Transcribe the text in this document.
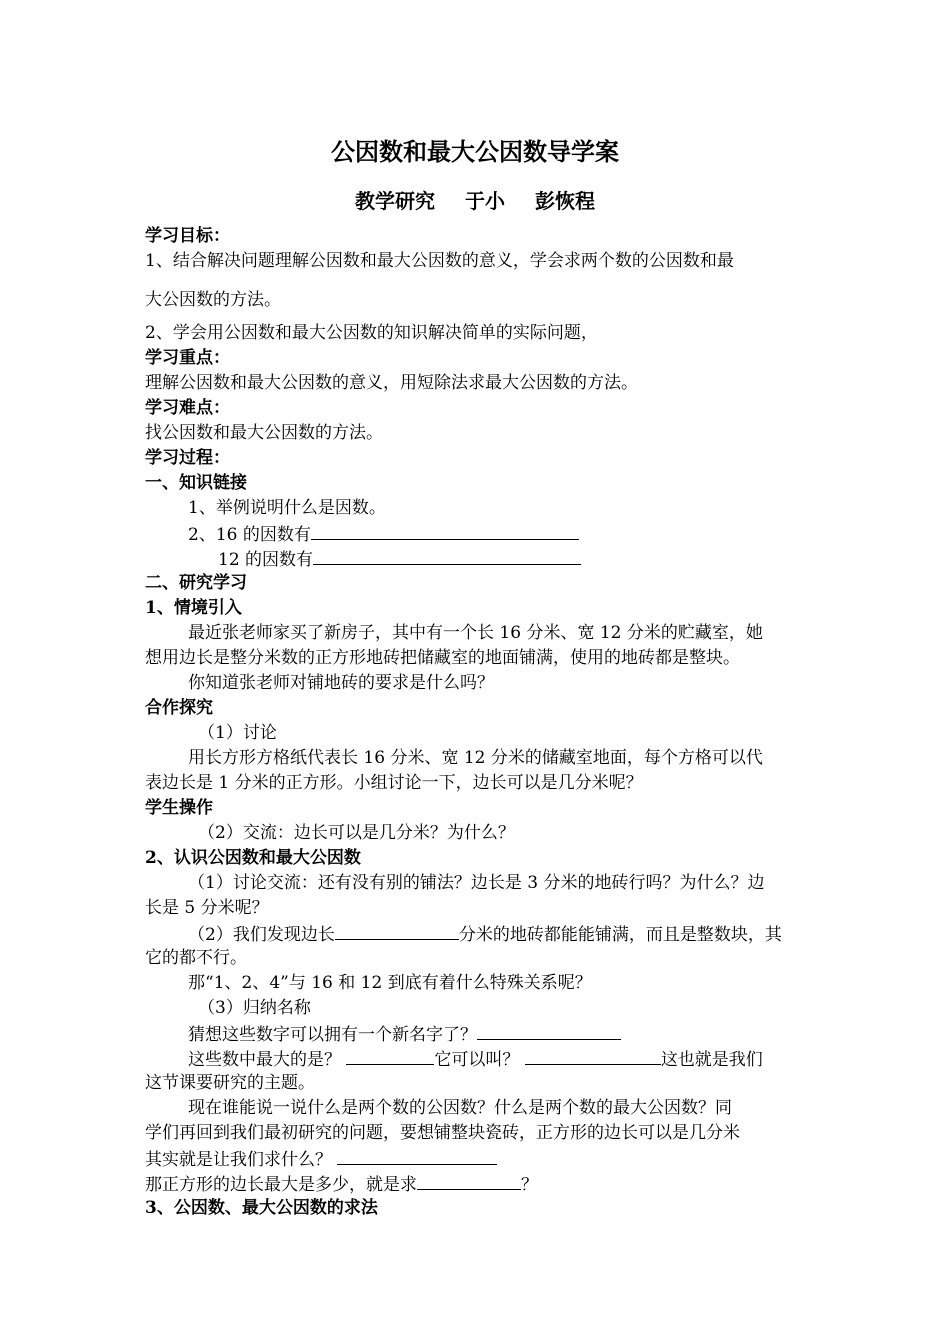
公因数和最大公因数导学案
教学研究 于小 彭恢程
学习目标：
1、结合解决问题理解公因数和最大公因数的意义，学会求两个数的公因数和最
大公因数的方法。
2、学会用公因数和最大公因数的知识解决简单的实际问题，
学习重点：
理解公因数和最大公因数的意义，用短除法求最大公因数的方法。
学习难点：
找公因数和最大公因数的方法。
学习过程：
一、知识链接
1、举例说明什么是因数。
2、16 的因数有
12 的因数有
二、研究学习
1、情境引入
最近张老师家买了新房子，其中有一个长 16 分米、宽 12 分米的贮藏室，她
想用边长是整分米数的正方形地砖把储藏室的地面铺满，使用的地砖都是整块。
你知道张老师对铺地砖的要求是什么吗？
合作探究
（1）讨论
用长方形方格纸代表长 16 分米、宽 12 分米的储藏室地面，每个方格可以代
表边长是 1 分米的正方形。小组讨论一下，边长可以是几分米呢？
学生操作
（2）交流：边长可以是几分米？为什么？
2、认识公因数和最大公因数
（1）讨论交流：还有没有别的铺法？边长是 3 分米的地砖行吗？为什么？边
长是 5 分米呢？
（2）我们发现边长	分米的地砖都能能铺满，而且是整数块，其
它的都不行。
那“1、2、4”与 16 和 12 到底有着什么特殊关系呢？
（3）归纳名称
猜想这些数字可以拥有一个新名字了？
这些数中最大的是？	它可以叫？	这也就是我们
这节课要研究的主题。
现在谁能说一说什么是两个数的公因数？什么是两个数的最大公因数？同
学们再回到我们最初研究的问题，要想铺整块瓷砖，正方形的边长可以是几分米
其实就是让我们求什么？
那正方形的边长最大是多少，就是求	？
3、公因数、最大公因数的求法
